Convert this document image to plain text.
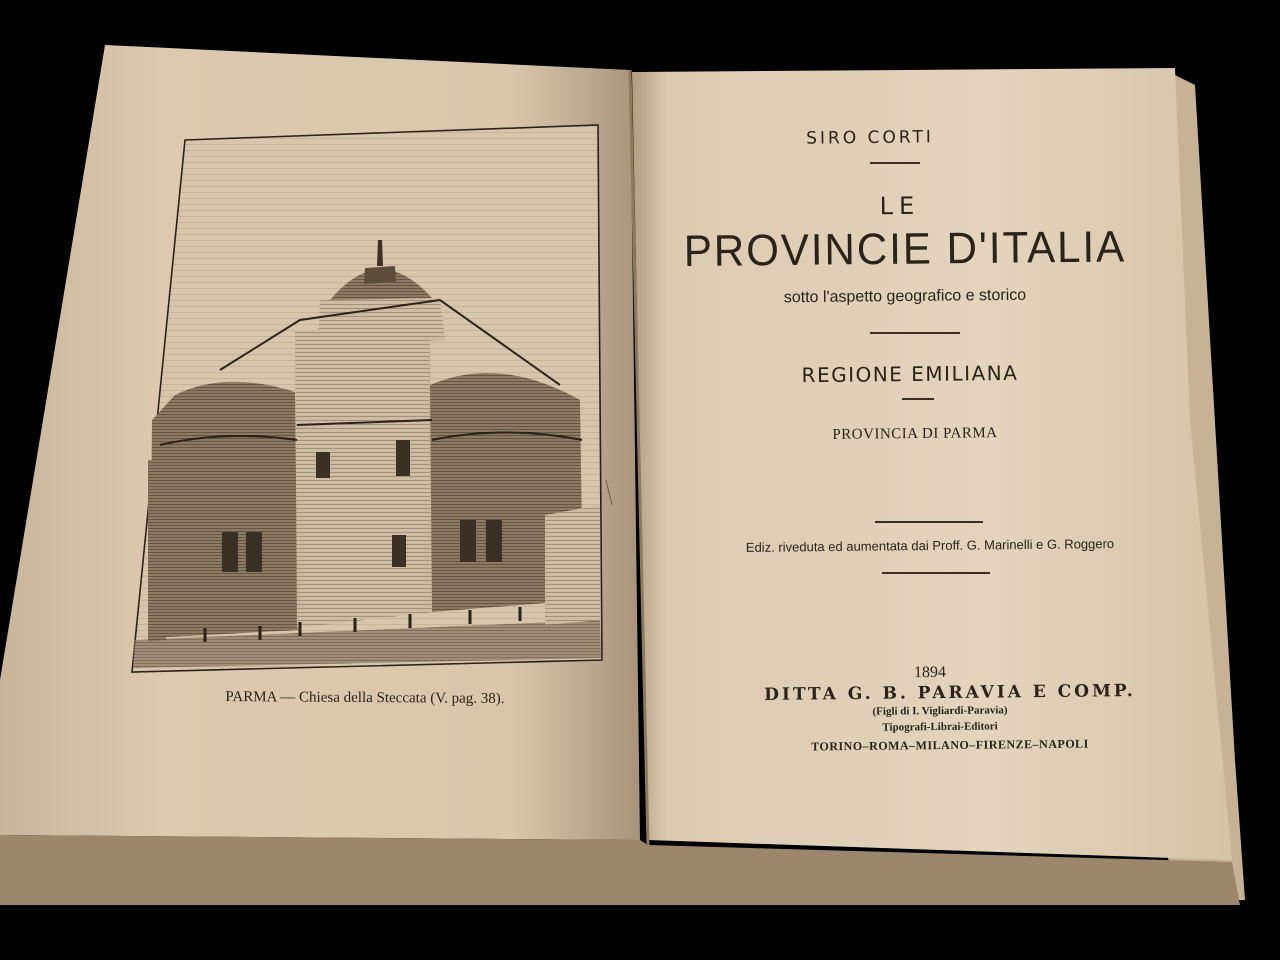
PARMA — Chiesa della Steccata (V. pag. 38).
SIRO CORTI
LE
PROVINCIE D'ITALIA
sotto l'aspetto geografico e storico
REGIONE EMILIANA
PROVINCIA DI PARMA
Ediz. riveduta ed aumentata dai Proff. G. Marinelli e G. Roggero
1894
DITTA G. B. PARAVIA E COMP.
(Figli di I. Vigliardi-Paravia)
Tipografi-Librai-Editori
TORINO–ROMA–MILANO–FIRENZE–NAPOLI
